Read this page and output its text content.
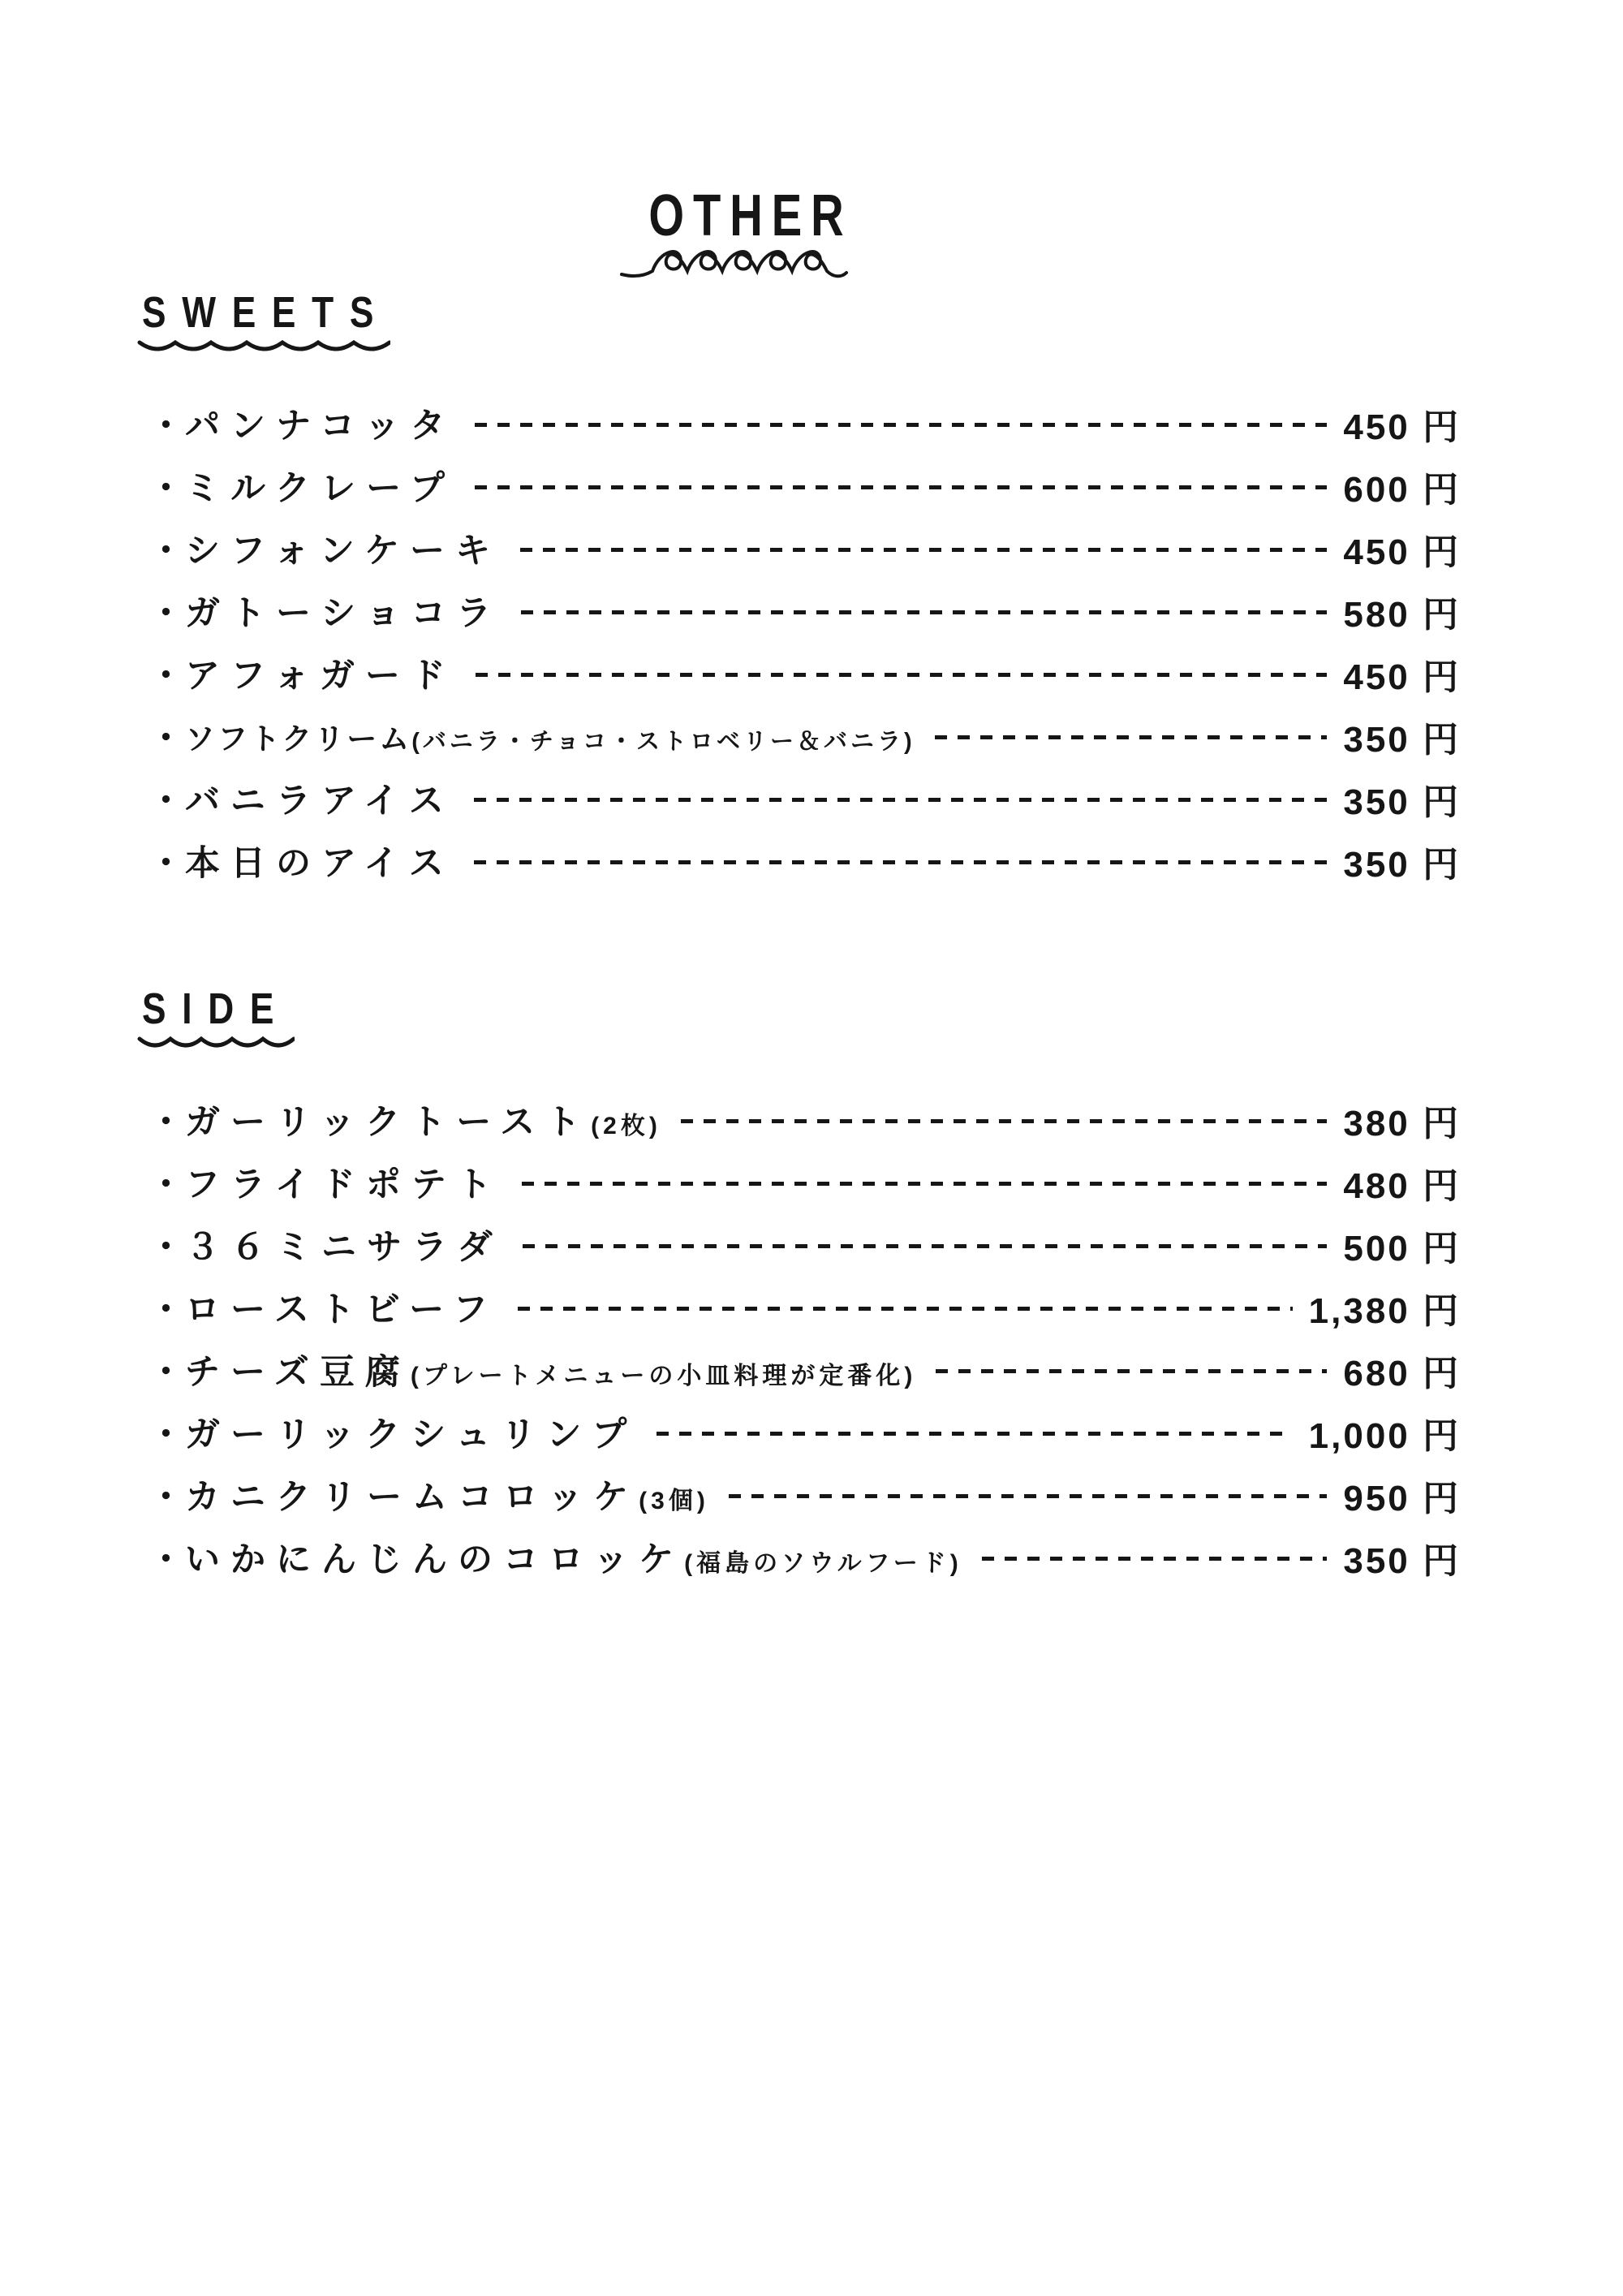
OTHER
SWEETS
・ パンナコッタ	450 円
・ ミルクレープ	600 円
・ シフォンケーキ	450 円
・ ガトーショコラ	580 円
・ アフォガード	450 円
・ ソフトクリーム(バニラ・チョコ・ストロベリー＆バニラ)	350 円
・ バニラアイス	350 円
・ 本日のアイス	350 円
SIDE
・ ガーリックトースト(2枚)	380 円
・ フライドポテト	480 円
・ ３６ミニサラダ	500 円
・ ローストビーフ	1,380 円
・ チーズ豆腐(プレートメニューの小皿料理が定番化)	680 円
・ ガーリックシュリンプ	1,000 円
・ カニクリームコロッケ(3個)	950 円
・ いかにんじんのコロッケ(福島のソウルフード)	350 円
